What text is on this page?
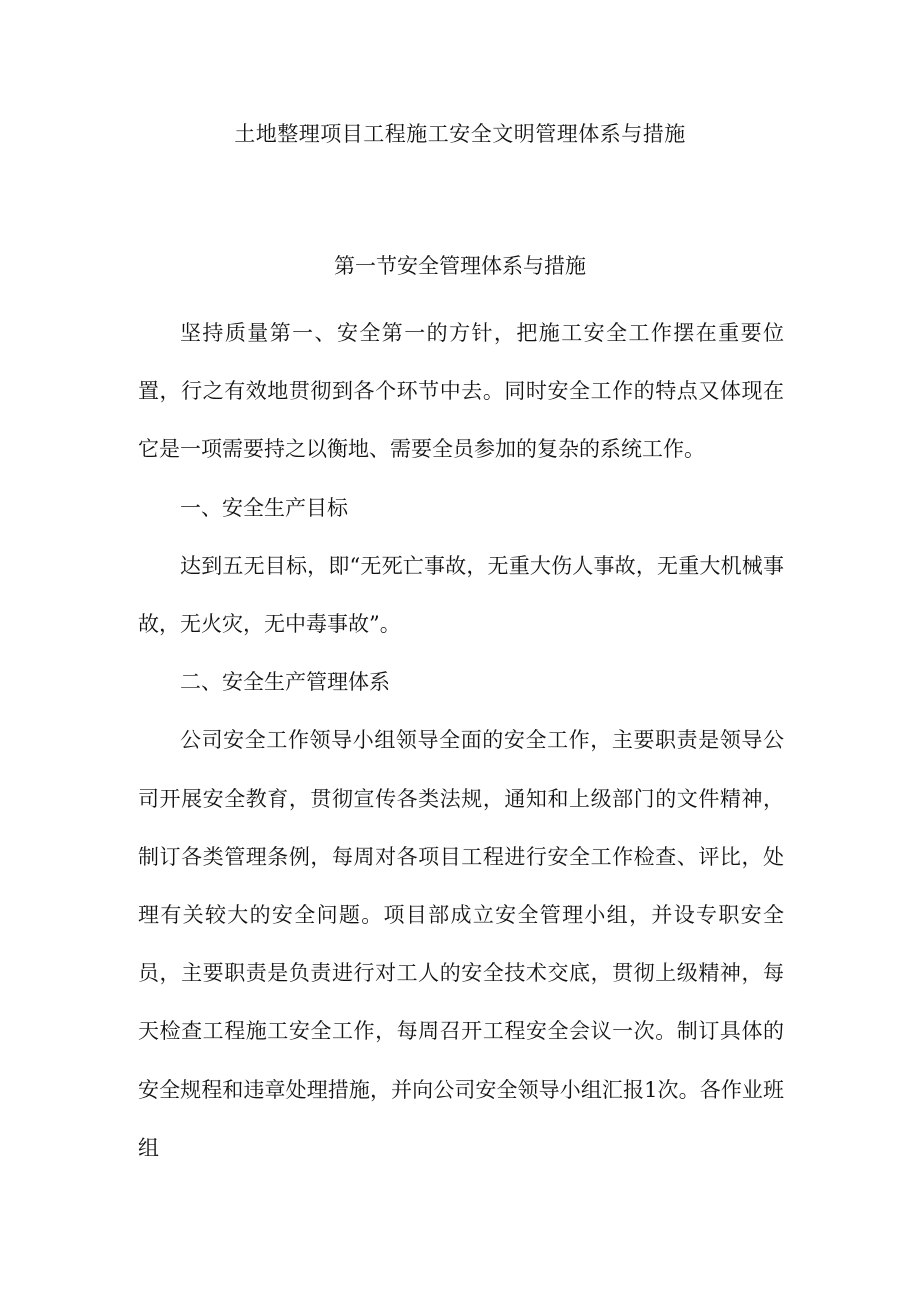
土地整理项目工程施工安全文明管理体系与措施
第一节安全管理体系与措施

坚持质量第一、安全第一的方针，把施工安全工作摆在重要位置，行之有效地贯彻到各个环节中去。同时安全工作的特点又体现在它是一项需要持之以衡地、需要全员参加的复杂的系统工作。

一、安全生产目标

达到五无目标，即“无死亡事故，无重大伤人事故，无重大机械事故，无火灾，无中毒事故”。

二、安全生产管理体系

公司安全工作领导小组领导全面的安全工作，主要职责是领导公司开展安全教育，贯彻宣传各类法规，通知和上级部门的文件精神，制订各类管理条例，每周对各项目工程进行安全工作检查、评比，处理有关较大的安全问题。项目部成立安全管理小组，并设专职安全员，主要职责是负责进行对工人的安全技术交底，贯彻上级精神，每天检查工程施工安全工作，每周召开工程安全会议一次。制订具体的安全规程和违章处理措施，并向公司安全领导小组汇报1次。各作业班组
